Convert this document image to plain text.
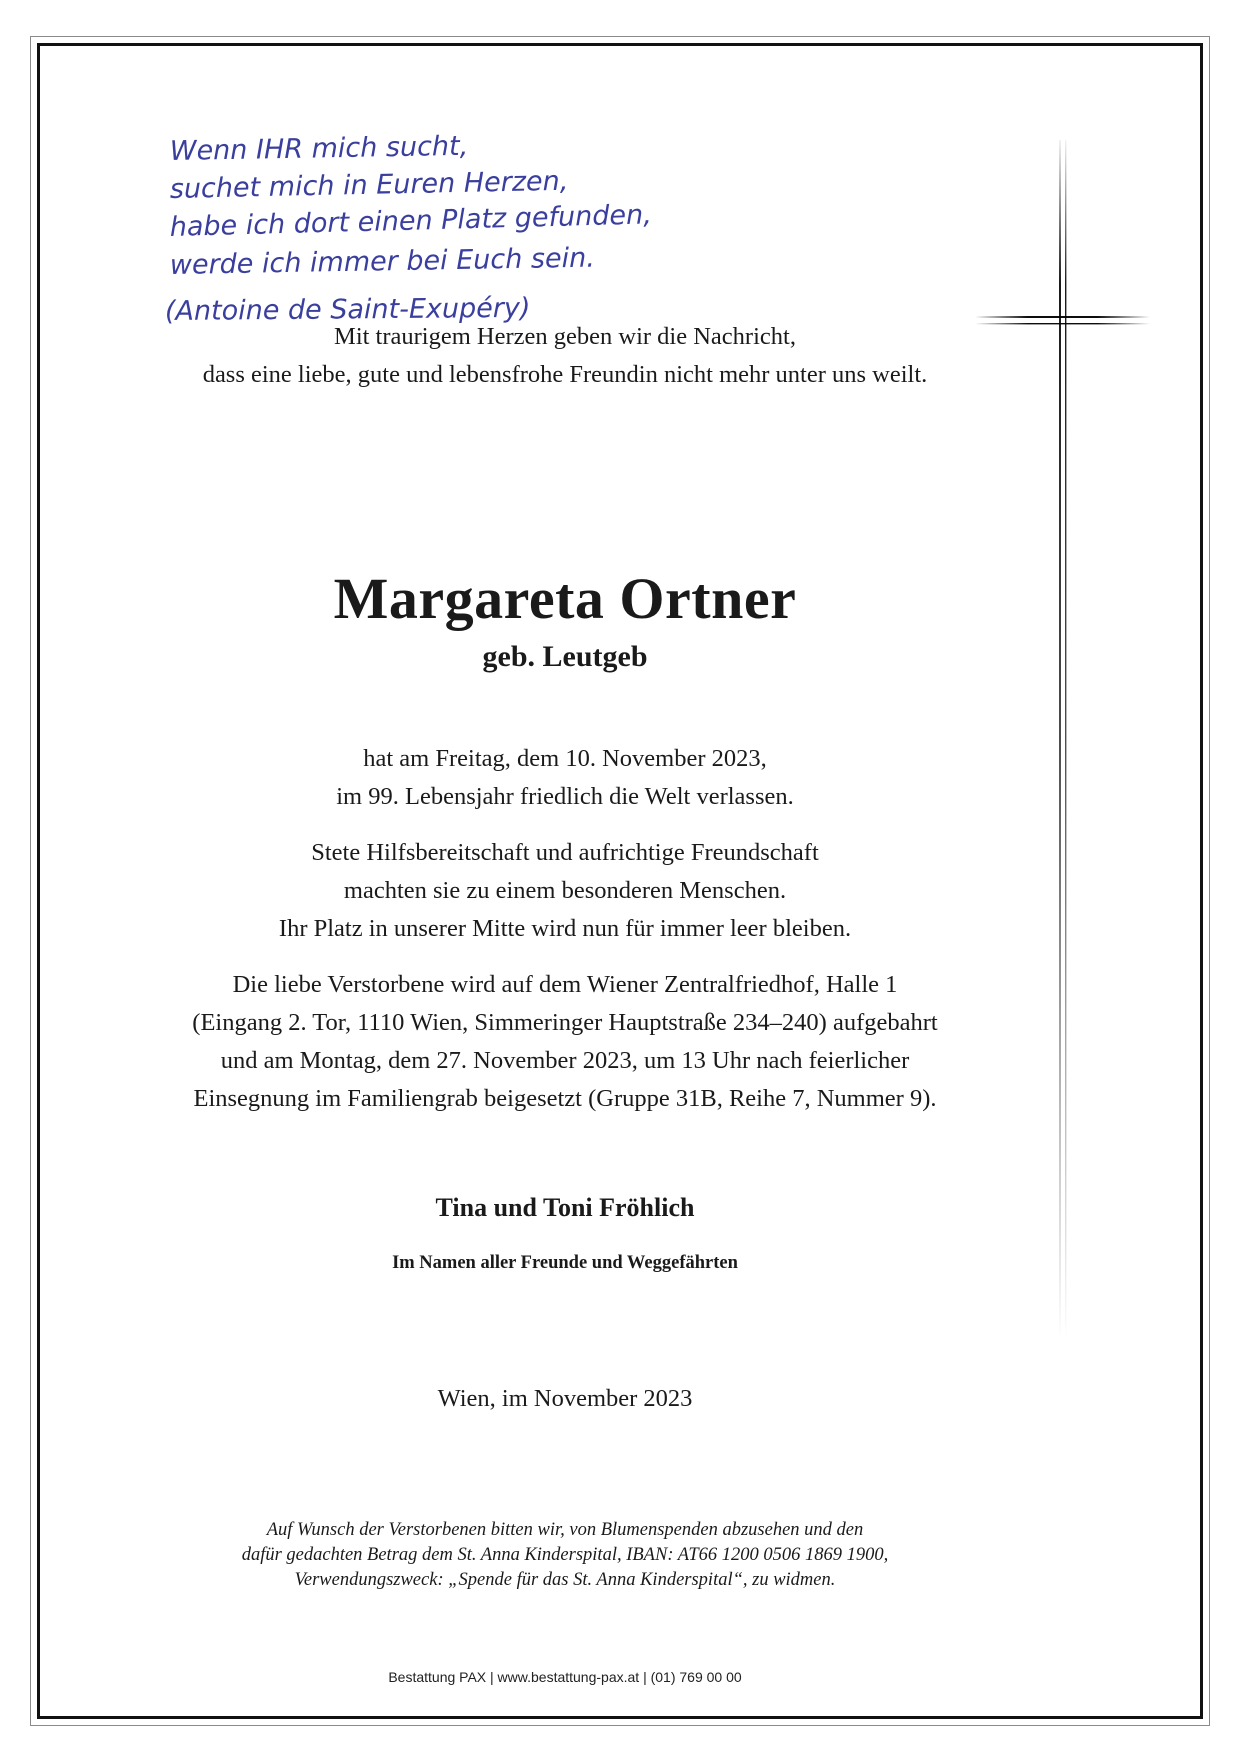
Wenn IHR mich sucht,
suchet mich in Euren Herzen,
habe ich dort einen Platz gefunden,
werde ich immer bei Euch sein.
(Antoine de Saint-Exupéry)
Mit traurigem Herzen geben wir die Nachricht,
dass eine liebe, gute und lebensfrohe Freundin nicht mehr unter uns weilt.
Margareta Ortner
geb. Leutgeb
hat am Freitag, dem 10. November 2023,
im 99. Lebensjahr friedlich die Welt verlassen.
Stete Hilfsbereitschaft und aufrichtige Freundschaft
machten sie zu einem besonderen Menschen.
Ihr Platz in unserer Mitte wird nun für immer leer bleiben.
Die liebe Verstorbene wird auf dem Wiener Zentralfriedhof, Halle 1
(Eingang 2. Tor, 1110 Wien, Simmeringer Hauptstraße 234–240) aufgebahrt
und am Montag, dem 27. November 2023, um 13 Uhr nach feierlicher
Einsegnung im Familiengrab beigesetzt (Gruppe 31B, Reihe 7, Nummer 9).
Tina und Toni Fröhlich
Im Namen aller Freunde und Weggefährten
Wien, im November 2023
Auf Wunsch der Verstorbenen bitten wir, von Blumenspenden abzusehen und den
dafür gedachten Betrag dem St. Anna Kinderspital, IBAN: AT66 1200 0506 1869 1900,
Verwendungszweck: „Spende für das St. Anna Kinderspital“, zu widmen.
Bestattung PAX | www.bestattung-pax.at | (01) 769 00 00
